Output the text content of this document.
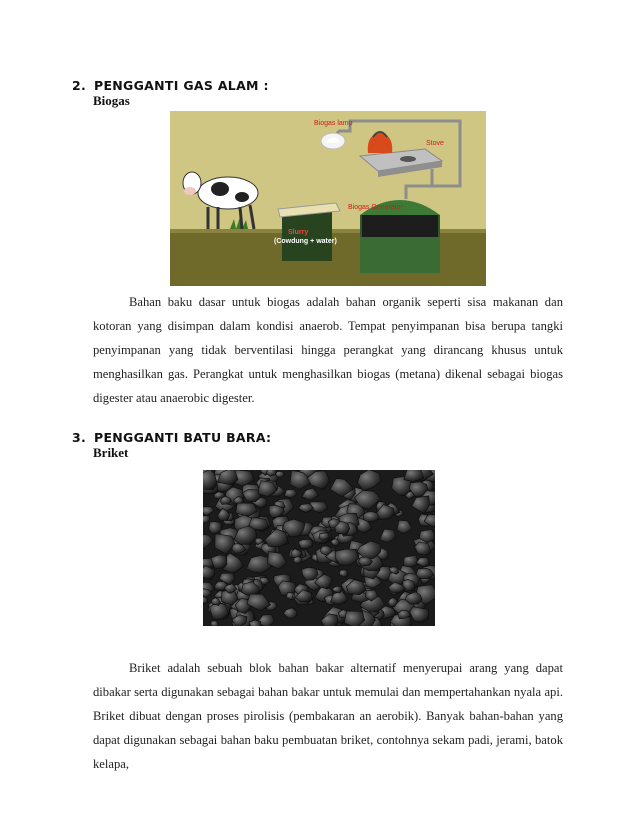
2. PENGGANTI GAS ALAM :
Biogas
Biogas lamp
Stove
Biogas Generator
Slurry
(Cowdung + water)
Bahan baku dasar untuk biogas adalah bahan organik seperti sisa makanan dan kotoran yang disimpan dalam kondisi anaerob. Tempat penyimpanan bisa berupa tangki penyimpanan yang tidak berventilasi hingga perangkat yang dirancang khusus untuk menghasilkan gas. Perangkat untuk menghasilkan biogas (metana) dikenal sebagai biogas digester atau anaerobic digester.
3. PENGGANTI BATU BARA:
Briket
Briket adalah sebuah blok bahan bakar alternatif menyerupai arang yang dapat dibakar serta digunakan sebagai bahan bakar untuk memulai dan mempertahankan nyala api. Briket dibuat dengan proses pirolisis (pembakaran an aerobik). Banyak bahan-bahan yang dapat digunakan sebagai bahan baku pembuatan briket, contohnya sekam padi, jerami, batok kelapa,
